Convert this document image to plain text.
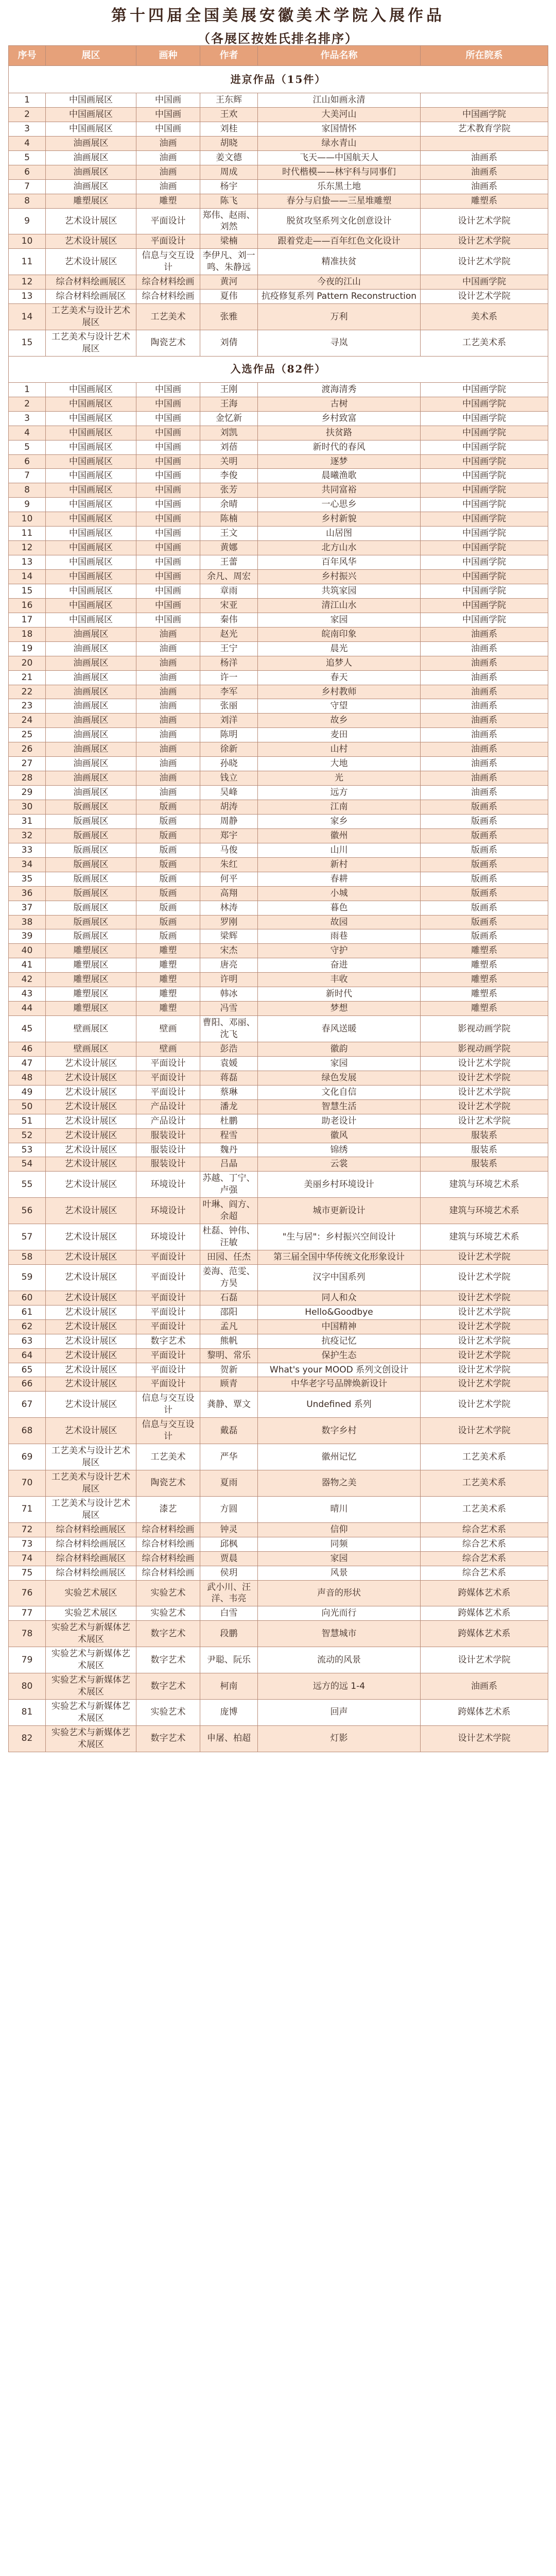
第十四届全国美展安徽美术学院入展作品
（各展区按姓氏排名排序）
序号	展区	画种	作者	作品名称	所在院系
进京作品（15件）					
1	中国画展区	中国画	王东辉	江山如画永清	
2	中国画展区	中国画	王欢	大美河山	中国画学院
3	中国画展区	中国画	刘桂	家国情怀	艺术教育学院
4	油画展区	油画	胡晓	绿水青山	
5	油画展区	油画	姜文德	飞天——中国航天人	油画系
6	油画展区	油画	周成	时代楷模——林宇科与同事们	油画系
7	油画展区	油画	杨宇	乐东黑土地	油画系
8	雕塑展区	雕塑	陈飞	春分与启蛰——三星堆雕塑	雕塑系
9	艺术设计展区	平面设计	郑伟、赵雨、刘然	脱贫攻坚系列文化创意设计	设计艺术学院
10	艺术设计展区	平面设计	梁楠	跟着党走——百年红色文化设计	设计艺术学院
11	艺术设计展区	信息与交互设计	李伊凡、刘一鸣、朱静远	精准扶贫	设计艺术学院
12	综合材料绘画展区	综合材料绘画	黄河	今夜的江山	中国画学院
13	综合材料绘画展区	综合材料绘画	夏伟	抗疫修复系列 Pattern Reconstruction	设计艺术学院
14	工艺美术与设计艺术展区	工艺美术	张雅	万利	美术系
15	工艺美术与设计艺术展区	陶瓷艺术	刘倩	寻岚	工艺美术系
入选作品（82件）					
1	中国画展区	中国画	王刚	渡海清秀	中国画学院
2	中国画展区	中国画	王海	古树	中国画学院
3	中国画展区	中国画	金忆新	乡村致富	中国画学院
4	中国画展区	中国画	刘凯	扶贫路	中国画学院
5	中国画展区	中国画	刘蓓	新时代的春风	中国画学院
6	中国画展区	中国画	关明	逐梦	中国画学院
7	中国画展区	中国画	李俊	晨曦渔歌	中国画学院
8	中国画展区	中国画	张芳	共同富裕	中国画学院
9	中国画展区	中国画	余晴	一心思乡	中国画学院
10	中国画展区	中国画	陈楠	乡村新貌	中国画学院
11	中国画展区	中国画	王文	山居图	中国画学院
12	中国画展区	中国画	黄娜	北方山水	中国画学院
13	中国画展区	中国画	王蕾	百年风华	中国画学院
14	中国画展区	中国画	余凡、周宏	乡村振兴	中国画学院
15	中国画展区	中国画	章雨	共筑家园	中国画学院
16	中国画展区	中国画	宋亚	清江山水	中国画学院
17	中国画展区	中国画	秦伟	家园	中国画学院
18	油画展区	油画	赵光	皖南印象	油画系
19	油画展区	油画	王宁	晨光	油画系
20	油画展区	油画	杨洋	追梦人	油画系
21	油画展区	油画	许一	春天	油画系
22	油画展区	油画	李军	乡村教师	油画系
23	油画展区	油画	张丽	守望	油画系
24	油画展区	油画	刘洋	故乡	油画系
25	油画展区	油画	陈明	麦田	油画系
26	油画展区	油画	徐新	山村	油画系
27	油画展区	油画	孙晓	大地	油画系
28	油画展区	油画	钱立	光	油画系
29	油画展区	油画	吴峰	远方	油画系
30	版画展区	版画	胡涛	江南	版画系
31	版画展区	版画	周静	家乡	版画系
32	版画展区	版画	郑宇	徽州	版画系
33	版画展区	版画	马俊	山川	版画系
34	版画展区	版画	朱红	新村	版画系
35	版画展区	版画	何平	春耕	版画系
36	版画展区	版画	高翔	小城	版画系
37	版画展区	版画	林涛	暮色	版画系
38	版画展区	版画	罗刚	故园	版画系
39	版画展区	版画	梁辉	雨巷	版画系
40	雕塑展区	雕塑	宋杰	守护	雕塑系
41	雕塑展区	雕塑	唐亮	奋进	雕塑系
42	雕塑展区	雕塑	许明	丰收	雕塑系
43	雕塑展区	雕塑	韩冰	新时代	雕塑系
44	雕塑展区	雕塑	冯雪	梦想	雕塑系
45	壁画展区	壁画	曹阳、邓丽、沈飞	春风送暖	影视动画学院
46	壁画展区	壁画	彭浩	徽韵	影视动画学院
47	艺术设计展区	平面设计	袁媛	家园	设计艺术学院
48	艺术设计展区	平面设计	蒋磊	绿色发展	设计艺术学院
49	艺术设计展区	平面设计	蔡琳	文化自信	设计艺术学院
50	艺术设计展区	产品设计	潘龙	智慧生活	设计艺术学院
51	艺术设计展区	产品设计	杜鹏	助老设计	设计艺术学院
52	艺术设计展区	服装设计	程雪	徽风	服装系
53	艺术设计展区	服装设计	魏丹	锦绣	服装系
54	艺术设计展区	服装设计	吕晶	云裳	服装系
55	艺术设计展区	环境设计	苏越、丁宁、卢强	美丽乡村环境设计	建筑与环境艺术系
56	艺术设计展区	环境设计	叶琳、阎方、余超	城市更新设计	建筑与环境艺术系
57	艺术设计展区	环境设计	杜磊、钟伟、汪敏	"生与居"：乡村振兴空间设计	建筑与环境艺术系
58	艺术设计展区	平面设计	田园、任杰	第三届全国中华传统文化形象设计	设计艺术学院
59	艺术设计展区	平面设计	姜海、范雯、方昊	汉字中国系列	设计艺术学院
60	艺术设计展区	平面设计	石磊	同人和众	设计艺术学院
61	艺术设计展区	平面设计	邵阳	Hello&Goodbye	设计艺术学院
62	艺术设计展区	平面设计	孟凡	中国精神	设计艺术学院
63	艺术设计展区	数字艺术	熊帆	抗疫记忆	设计艺术学院
64	艺术设计展区	平面设计	黎明、常乐	保护生态	设计艺术学院
65	艺术设计展区	平面设计	贺新	What's your MOOD 系列文创设计	设计艺术学院
66	艺术设计展区	平面设计	顾青	中华老字号品牌焕新设计	设计艺术学院
67	艺术设计展区	信息与交互设计	龚静、覃文	Undefined 系列	设计艺术学院
68	艺术设计展区	信息与交互设计	戴磊	数字乡村	设计艺术学院
69	工艺美术与设计艺术展区	工艺美术	严华	徽州记忆	工艺美术系
70	工艺美术与设计艺术展区	陶瓷艺术	夏雨	器物之美	工艺美术系
71	工艺美术与设计艺术展区	漆艺	方圆	晴川	工艺美术系
72	综合材料绘画展区	综合材料绘画	钟灵	信仰	综合艺术系
73	综合材料绘画展区	综合材料绘画	邱枫	同频	综合艺术系
74	综合材料绘画展区	综合材料绘画	贾晨	家园	综合艺术系
75	综合材料绘画展区	综合材料绘画	侯玥	风景	综合艺术系
76	实验艺术展区	实验艺术	武小川、汪洋、韦亮	声音的形状	跨媒体艺术系
77	实验艺术展区	实验艺术	白雪	向光而行	跨媒体艺术系
78	实验艺术与新媒体艺术展区	数字艺术	段鹏	智慧城市	跨媒体艺术系
79	实验艺术与新媒体艺术展区	数字艺术	尹聪、阮乐	流动的风景	设计艺术学院
80	实验艺术与新媒体艺术展区	数字艺术	柯南	远方的远 1-4	油画系
81	实验艺术与新媒体艺术展区	实验艺术	庞博	回声	跨媒体艺术系
82	实验艺术与新媒体艺术展区	数字艺术	申屠、柏超	灯影	设计艺术学院
